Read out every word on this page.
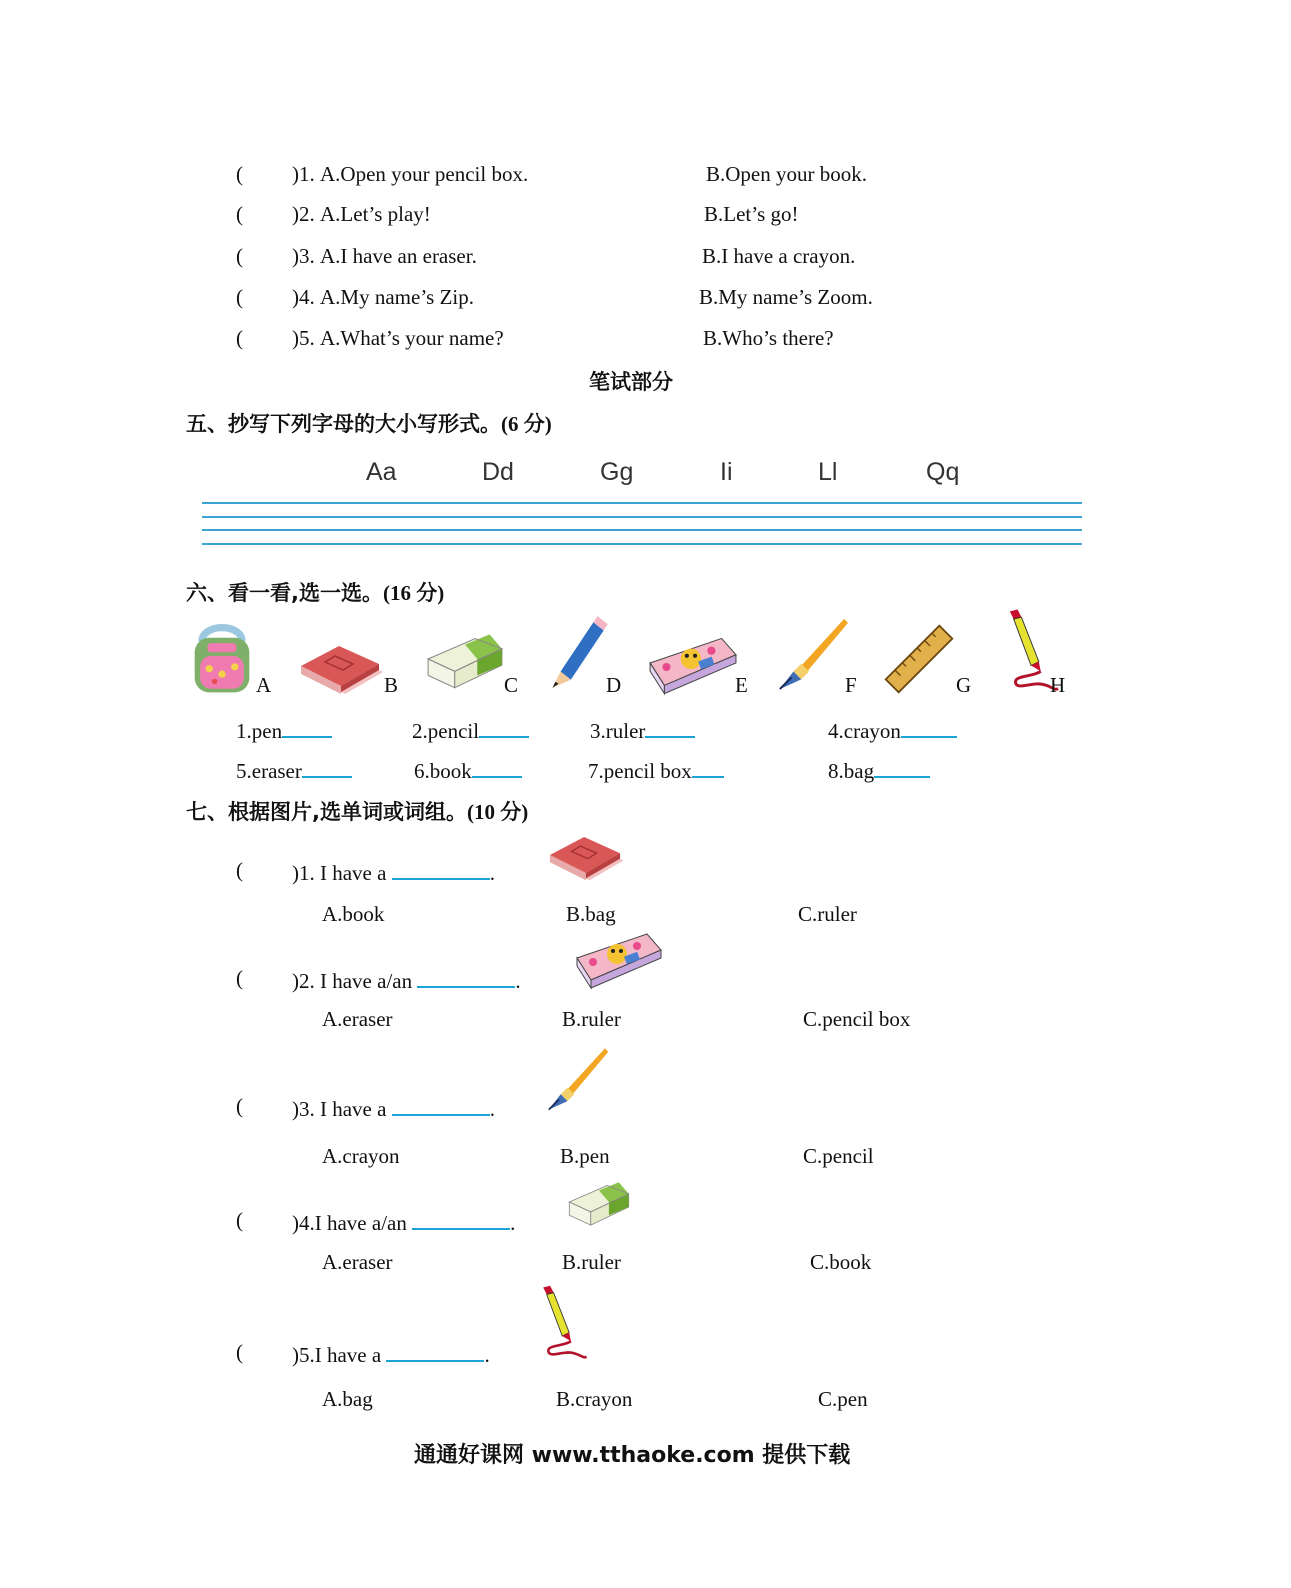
( )1. A.Open your pencil box.	B.Open your book.
( )2. A.Let’s play!	B.Let’s go!
( )3. A.I have an eraser.	B.I have a crayon.
( )4. A.My name’s Zip.	B.My name’s Zoom.
( )5. A.What’s your name?	B.Who’s there?
笔试部分
五、抄写下列字母的大小写形式。(6 分)
Aa	Dd	Gg	Ii	Ll	Qq
六、看一看,选一选。(16 分)
A	B	C	D	E	F	G	H
1.pen	2.pencil	3.ruler	4.crayon
5.eraser	6.book	7.pencil box	8.bag
七、根据图片,选单词或词组。(10 分)
( )1. I have a	.
A.book	B.bag	C.ruler
( )2. I have a/an	.
A.eraser	B.ruler	C.pencil box
( )3. I have a	.
A.crayon	B.pen	C.pencil
( )4.I have a/an	.
A.eraser	B.ruler	C.book
( )5.I have a	.
A.bag	B.crayon	C.pen
通通好课网 www.tthaoke.com 提供下载
